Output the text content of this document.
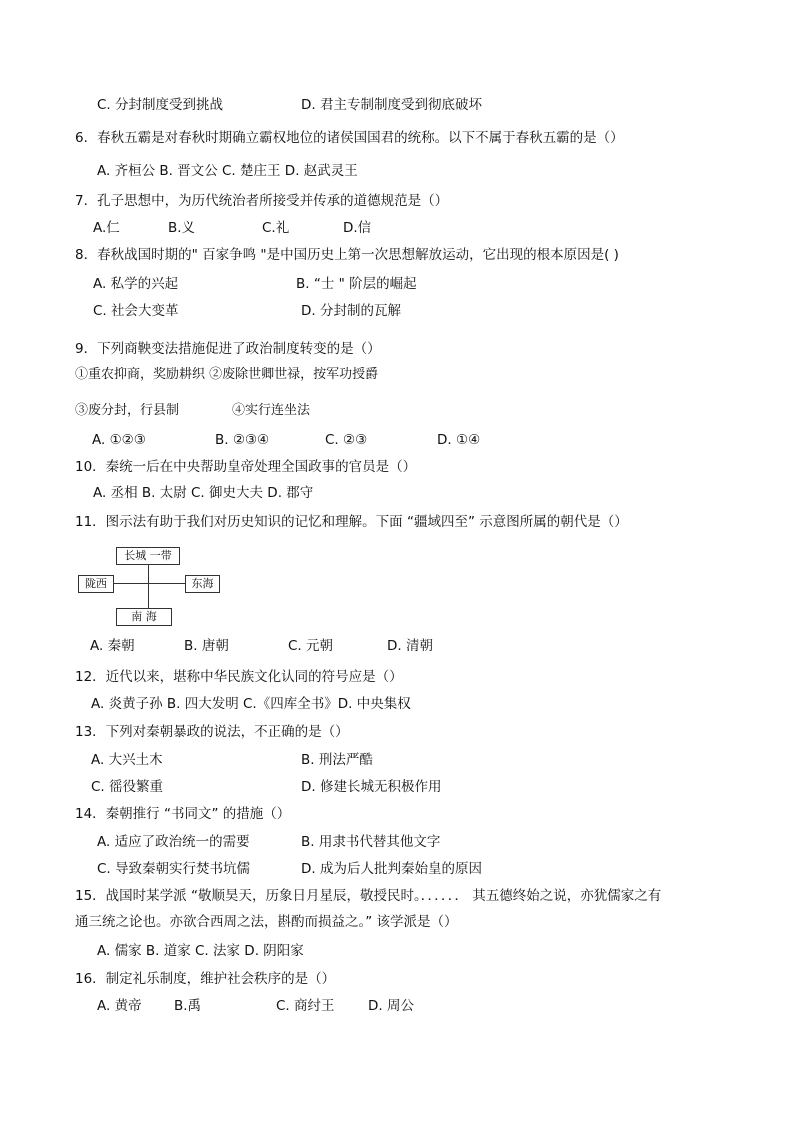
C. 分封制度受到挑战	D. 君主专制制度受到彻底破坏
6．春秋五霸是对春秋时期确立霸权地位的诸侯国国君的统称。以下不属于春秋五霸的是（）
A. 齐桓公 B. 晋文公 C. 楚庄王 D. 赵武灵王
7．孔子思想中，为历代统治者所接受并传承的道德规范是（）
A.仁	B.义	C.礼	D.信
8．春秋战国时期的" 百家争鸣 "是中国历史上第一次思想解放运动，它出现的根本原因是( )
A. 私学的兴起	B. “士 " 阶层的崛起
C. 社会大变革	D. 分封制的瓦解
9．下列商鞅变法措施促进了政治制度转变的是（）
①重农抑商，奖励耕织 ②废除世卿世禄，按军功授爵
③废分封，行县制	④实行连坐法
A. ①②③	B. ②③④	C. ②③	D. ①④
10．秦统一后在中央帮助皇帝处理全国政事的官员是（）
A. 丞相 B. 太尉 C. 御史大夫 D. 郡守
11．图示法有助于我们对历史知识的记忆和理解。下面 “疆域四至” 示意图所属的朝代是（）
长城 一带
陇西	东海
南 海
A. 秦朝	B. 唐朝	C. 元朝	D. 清朝
12．近代以来，堪称中华民族文化认同的符号应是（）
A. 炎黄子孙 B. 四大发明 C.《四库全书》D. 中央集权
13．下列对秦朝暴政的说法，不正确的是（）
A. 大兴土木	B. 刑法严酷
C. 徭役繁重	D. 修建长城无积极作用
14．秦朝推行 “书同文” 的措施（）
A. 适应了政治统一的需要	B. 用隶书代替其他文字
C. 导致秦朝实行焚书坑儒	D. 成为后人批判秦始皇的原因
15．战国时某学派 “敬顺昊天，历象日月星辰，敬授民时。．．．．．． 其五德终始之说，亦犹儒家之有
通三统之论也。亦欲合西周之法，斟酌而损益之。” 该学派是（）
A. 儒家 B. 道家 C. 法家 D. 阴阳家
16．制定礼乐制度，维护社会秩序的是（）
A. 黄帝 B.禹	C. 商纣王 D. 周公
